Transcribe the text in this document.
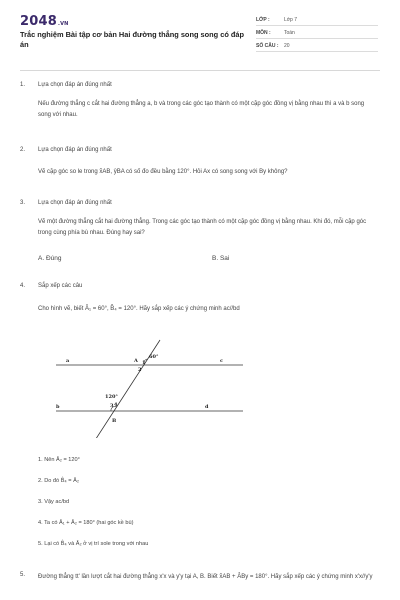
2048.VN
Trắc nghiệm Bài tập cơ bản Hai đường thẳng song song có đáp án
LỚP :	Lớp 7
MÔN :	Toán
SỐ CÂU : 20
1. Lựa chọn đáp án đúng nhất
Nếu đường thẳng c cắt hai đường thẳng a, b và trong các góc tạo thành có một cặp góc đồng vị bằng nhau thì a và b song song với nhau.
2. Lựa chọn đáp án đúng nhất
Vẽ cặp góc so le trong x̂AB, ŷBA có số đo đều bằng 120°. Hỏi Ax có song song với By không?
3. Lựa chọn đáp án đúng nhất
Vẽ một đường thẳng cắt hai đường thẳng. Trong các góc tạo thành có một cặp góc đồng vị bằng nhau. Khi đó, mỗi cặp góc trong cùng phía bù nhau. Đúng hay sai?
A. Đúng	B. Sai
4. Sắp xếp các câu
Cho hình vẽ, biết Â₁ = 60°, B̂₄ = 120°. Hãy sắp xếp các ý chứng minh ac//bd
1. Nên Â₂ = 120°
2. Do đó B̂₄ = Â₂
3. Vậy ac/bd
4. Ta có Â₁ + Â₂ = 180° (hai góc kề bù)
5. Lại có B̂₄ và Â₂ ở vị trí sole trong với nhau
a	c
b	d
A
B
60°
120°
1
2
3 4
5. Đường thẳng tt' lần lượt cắt hai đường thẳng x'x và y'y tại A, B. Biết x̂AB + ÂBy = 180°. Hãy sắp xếp các ý chứng minh x'x//y'y
